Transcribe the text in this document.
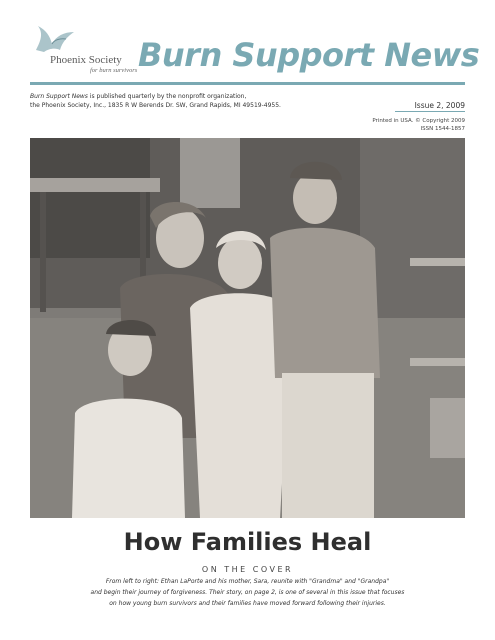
Phoenix Society
for burn survivors Burn Support News
Burn Support News is published quarterly by the nonprofit organization,
the Phoenix Society, Inc., 1835 R W Berends Dr. SW, Grand Rapids, MI 49519-4955.	Issue 2, 2009
Printed in USA. © Copyright 2009
ISSN 1544-1857
How Families Heal
ON THE COVER
From left to right: Ethan LaPorte and his mother, Sara, reunite with "Grandma" and "Grandpa"
and begin their journey of forgiveness. Their story, on page 2, is one of several in this issue that focuses
on how young burn survivors and their families have moved forward following their injuries.
